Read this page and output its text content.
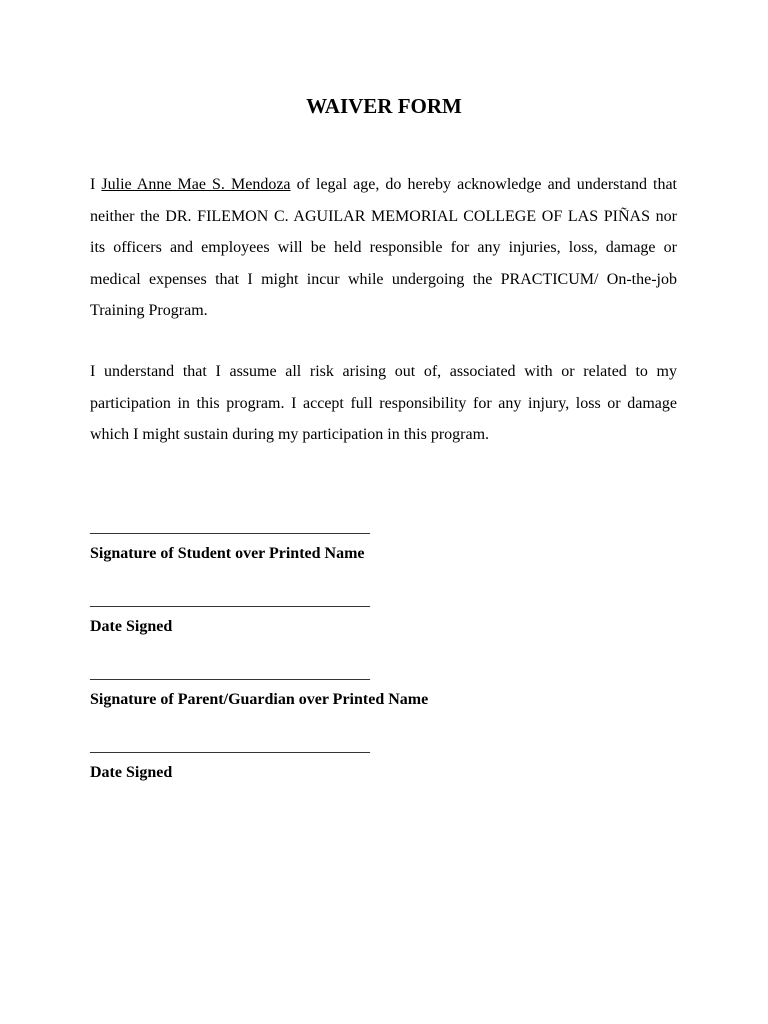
WAIVER FORM

I Julie Anne Mae S. Mendoza of legal age, do hereby acknowledge and understand that neither the DR. FILEMON C. AGUILAR MEMORIAL COLLEGE OF LAS PIÑAS nor its officers and employees will be held responsible for any injuries, loss, damage or medical expenses that I might incur while undergoing the PRACTICUM/ On-the-job Training Program.

I understand that I assume all risk arising out of, associated with or related to my participation in this program. I accept full responsibility for any injury, loss or damage which I might sustain during my participation in this program.

___________________________________
Signature of Student over Printed Name
___________________________________
Date Signed
___________________________________
Signature of Parent/Guardian over Printed Name
___________________________________
Date Signed
